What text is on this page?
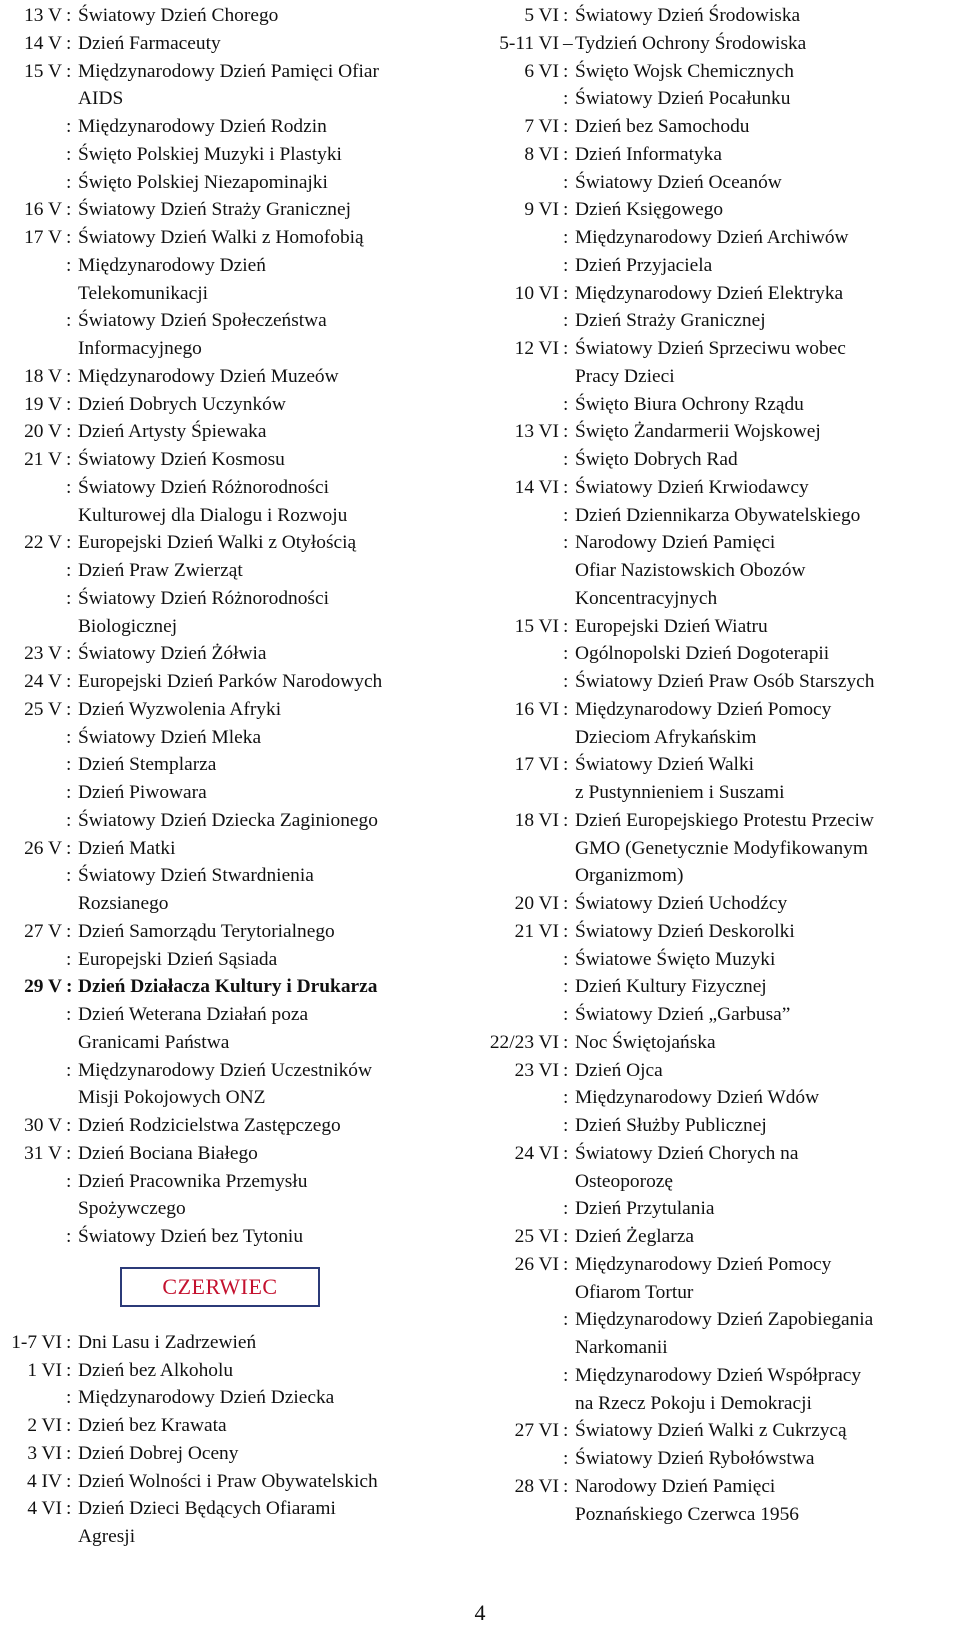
13 V : Światowy Dzień Chorego
14 V : Dzień Farmaceuty
15 V : Międzynarodowy Dzień Pamięci Ofiar
AIDS
: Międzynarodowy Dzień Rodzin
: Święto Polskiej Muzyki i Plastyki
: Święto Polskiej Niezapominajki
16 V : Światowy Dzień Straży Granicznej
17 V : Światowy Dzień Walki z Homofobią
: Międzynarodowy Dzień
Telekomunikacji
: Światowy Dzień Społeczeństwa
Informacyjnego
18 V : Międzynarodowy Dzień Muzeów
19 V : Dzień Dobrych Uczynków
20 V : Dzień Artysty Śpiewaka
21 V : Światowy Dzień Kosmosu
: Światowy Dzień Różnorodności
Kulturowej dla Dialogu i Rozwoju
22 V : Europejski Dzień Walki z Otyłością
: Dzień Praw Zwierząt
: Światowy Dzień Różnorodności
Biologicznej
23 V : Światowy Dzień Żółwia
24 V : Europejski Dzień Parków Narodowych
25 V : Dzień Wyzwolenia Afryki
: Światowy Dzień Mleka
: Dzień Stemplarza
: Dzień Piwowara
: Światowy Dzień Dziecka Zaginionego
26 V : Dzień Matki
: Światowy Dzień Stwardnienia
Rozsianego
27 V : Dzień Samorządu Terytorialnego
: Europejski Dzień Sąsiada
29 V : Dzień Działacza Kultury i Drukarza
: Dzień Weterana Działań poza
Granicami Państwa
: Międzynarodowy Dzień Uczestników
Misji Pokojowych ONZ
30 V : Dzień Rodzicielstwa Zastępczego
31 V : Dzień Bociana Białego
: Dzień Pracownika Przemysłu
Spożywczego
: Światowy Dzień bez Tytoniu
CZERWIEC
1-7 VI : Dni Lasu i Zadrzewień
1 VI : Dzień bez Alkoholu
: Międzynarodowy Dzień Dziecka
2 VI : Dzień bez Krawata
3 VI : Dzień Dobrej Oceny
4 IV : Dzień Wolności i Praw Obywatelskich
4 VI : Dzień Dzieci Będących Ofiarami
Agresji
5 VI : Światowy Dzień Środowiska
5-11 VI – Tydzień Ochrony Środowiska
6 VI : Święto Wojsk Chemicznych
: Światowy Dzień Pocałunku
7 VI : Dzień bez Samochodu
8 VI : Dzień Informatyka
: Światowy Dzień Oceanów
9 VI : Dzień Księgowego
: Międzynarodowy Dzień Archiwów
: Dzień Przyjaciela
10 VI : Międzynarodowy Dzień Elektryka
: Dzień Straży Granicznej
12 VI : Światowy Dzień Sprzeciwu wobec
Pracy Dzieci
: Święto Biura Ochrony Rządu
13 VI : Święto Żandarmerii Wojskowej
: Święto Dobrych Rad
14 VI : Światowy Dzień Krwiodawcy
: Dzień Dziennikarza Obywatelskiego
: Narodowy Dzień Pamięci
Ofiar Nazistowskich Obozów
Koncentracyjnych
15 VI : Europejski Dzień Wiatru
: Ogólnopolski Dzień Dogoterapii
: Światowy Dzień Praw Osób Starszych
16 VI : Międzynarodowy Dzień Pomocy
Dzieciom Afrykańskim
17 VI : Światowy Dzień Walki
z Pustynnieniem i Suszami
18 VI : Dzień Europejskiego Protestu Przeciw
GMO (Genetycznie Modyfikowanym
Organizmom)
20 VI : Światowy Dzień Uchodźcy
21 VI : Światowy Dzień Deskorolki
: Światowe Święto Muzyki
: Dzień Kultury Fizycznej
: Światowy Dzień „Garbusa”
22/23 VI : Noc Świętojańska
23 VI : Dzień Ojca
: Międzynarodowy Dzień Wdów
: Dzień Służby Publicznej
24 VI : Światowy Dzień Chorych na
Osteoporozę
: Dzień Przytulania
25 VI : Dzień Żeglarza
26 VI : Międzynarodowy Dzień Pomocy
Ofiarom Tortur
: Międzynarodowy Dzień Zapobiegania
Narkomanii
: Międzynarodowy Dzień Współpracy
na Rzecz Pokoju i Demokracji
27 VI : Światowy Dzień Walki z Cukrzycą
: Światowy Dzień Rybołówstwa
28 VI : Narodowy Dzień Pamięci
Poznańskiego Czerwca 1956
4
